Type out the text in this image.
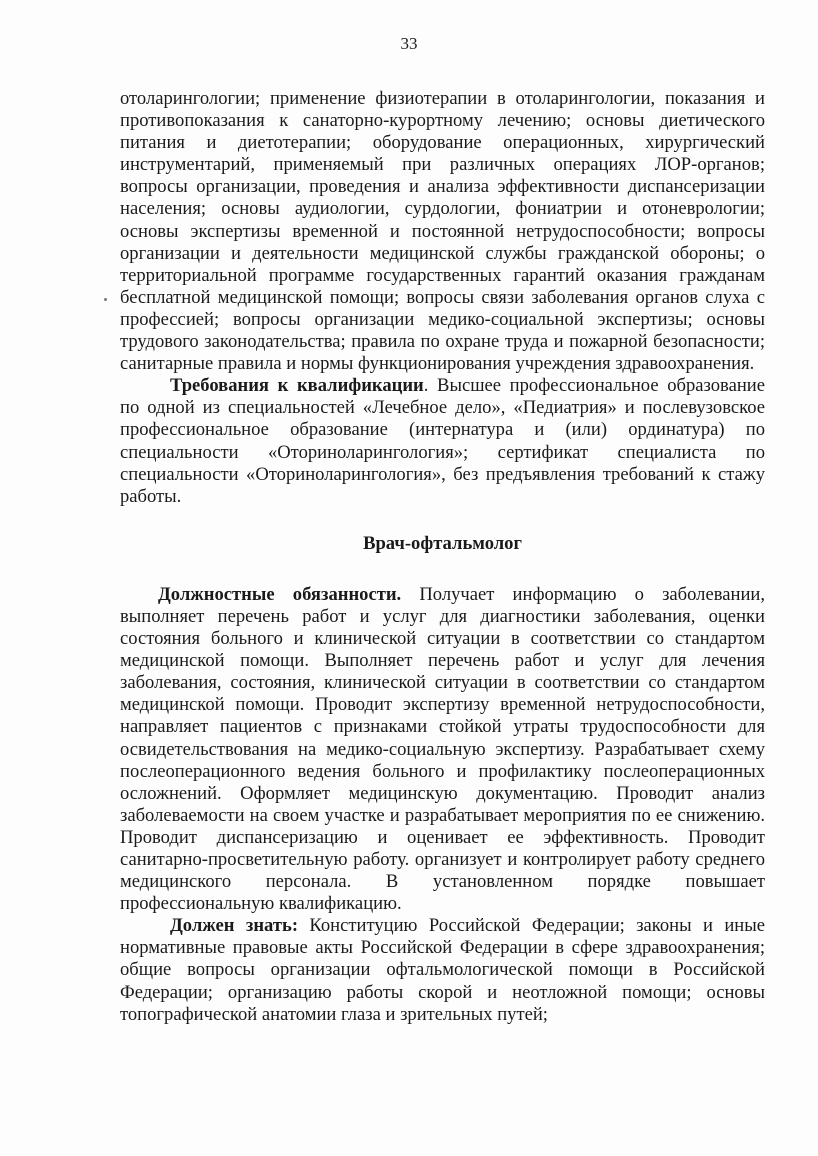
33

отоларингологии; применение физиотерапии в отоларингологии, показания и противопоказания к санаторно-курортному лечению; основы диетического питания и диетотерапии; оборудование операционных, хирургический инструментарий, применяемый при различных операциях ЛОР-органов; вопросы организации, проведения и анализа эффективности диспансеризации населения; основы аудиологии, сурдологии, фониатрии и отоневрологии; основы экспертизы временной и постоянной нетрудоспособности; вопросы организации и деятельности медицинской службы гражданской обороны; о территориальной программе государственных гарантий оказания гражданам бесплатной медицинской помощи; вопросы связи заболевания органов слуха с профессией; вопросы организации медико-социальной экспертизы; основы трудового законодательства; правила по охране труда и пожарной безопасности; санитарные правила и нормы функционирования учреждения здравоохранения.

Требования к квалификации. Высшее профессиональное образование по одной из специальностей «Лечебное дело», «Педиатрия» и послевузовское профессиональное образование (интернатура и (или) ординатура) по специальности «Оториноларингология»; сертификат специалиста по специальности «Оториноларингология», без предъявления требований к стажу работы.

Врач-офтальмолог

Должностные обязанности. Получает информацию о заболевании, выполняет перечень работ и услуг для диагностики заболевания, оценки состояния больного и клинической ситуации в соответствии со стандартом медицинской помощи. Выполняет перечень работ и услуг для лечения заболевания, состояния, клинической ситуации в соответствии со стандартом медицинской помощи. Проводит экспертизу временной нетрудоспособности, направляет пациентов с признаками стойкой утраты трудоспособности для освидетельствования на медико-социальную экспертизу. Разрабатывает схему послеоперационного ведения больного и профилактику послеоперационных осложнений. Оформляет медицинскую документацию. Проводит анализ заболеваемости на своем участке и разрабатывает мероприятия по ее снижению. Проводит диспансеризацию и оценивает ее эффективность. Проводит санитарно-просветительную работу. организует и контролирует работу среднего медицинского персонала. В установленном порядке повышает профессиональную квалификацию.

Должен знать: Конституцию Российской Федерации; законы и иные нормативные правовые акты Российской Федерации в сфере здравоохранения; общие вопросы организации офтальмологической помощи в Российской Федерации; организацию работы скорой и неотложной помощи; основы топографической анатомии глаза и зрительных путей;
